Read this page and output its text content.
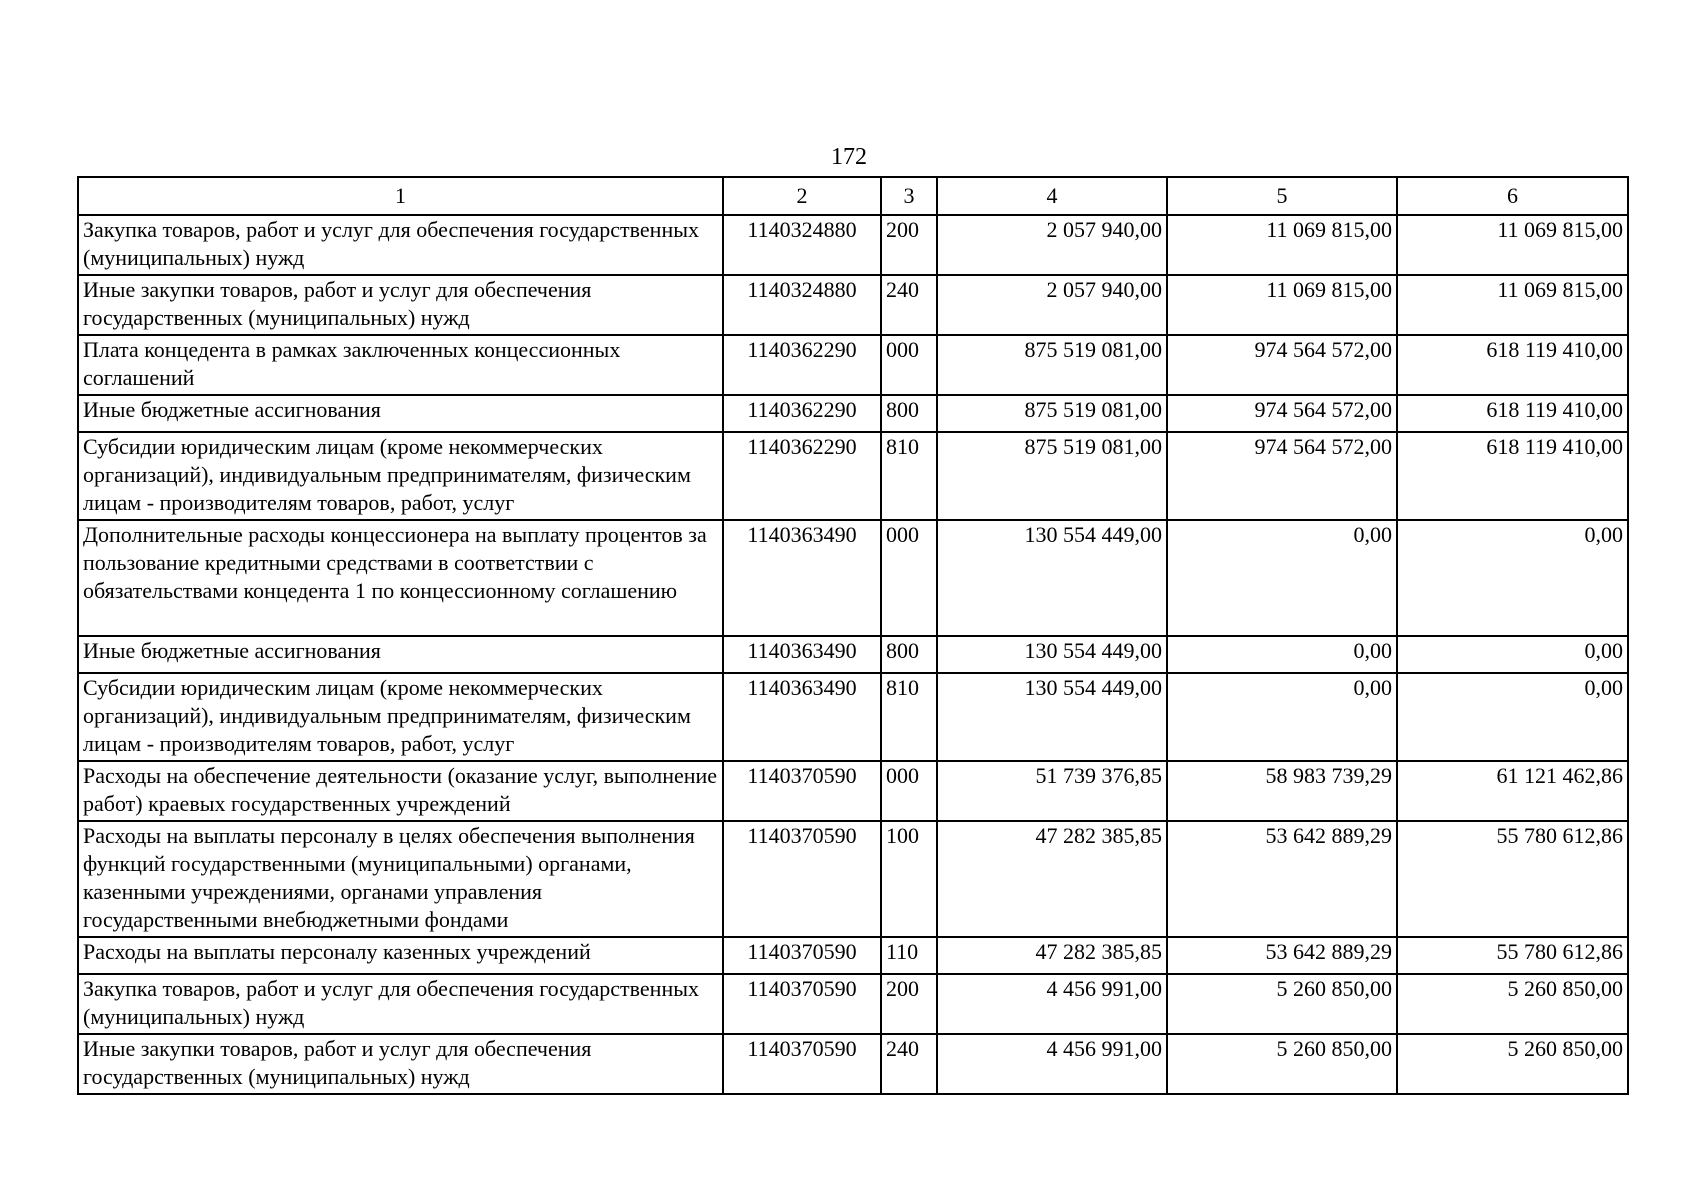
172
1	2	3	4	5	6
Закупка товаров, работ и услуг для обеспечения государственных (муниципальных) нужд	1140324880	200	2 057 940,00	11 069 815,00	11 069 815,00
Иные закупки товаров, работ и услуг для обеспечения государственных (муниципальных) нужд	1140324880	240	2 057 940,00	11 069 815,00	11 069 815,00
Плата концедента в рамках заключенных концессионных соглашений	1140362290	000	875 519 081,00	974 564 572,00	618 119 410,00
Иные бюджетные ассигнования	1140362290	800	875 519 081,00	974 564 572,00	618 119 410,00
Субсидии юридическим лицам (кроме некоммерческих организаций), индивидуальным предпринимателям, физическим лицам - производителям товаров, работ, услуг	1140362290	810	875 519 081,00	974 564 572,00	618 119 410,00
Дополнительные расходы концессионера на выплату процентов за пользование кредитными средствами в соответствии с обязательствами концедента 1 по концессионному соглашению	1140363490	000	130 554 449,00	0,00	0,00
Иные бюджетные ассигнования	1140363490	800	130 554 449,00	0,00	0,00
Субсидии юридическим лицам (кроме некоммерческих организаций), индивидуальным предпринимателям, физическим лицам - производителям товаров, работ, услуг	1140363490	810	130 554 449,00	0,00	0,00
Расходы на обеспечение деятельности (оказание услуг, выполнение работ) краевых государственных учреждений	1140370590	000	51 739 376,85	58 983 739,29	61 121 462,86
Расходы на выплаты персоналу в целях обеспечения выполнения функций государственными (муниципальными) органами, казенными учреждениями, органами управления государственными внебюджетными фондами	1140370590	100	47 282 385,85	53 642 889,29	55 780 612,86
Расходы на выплаты персоналу казенных учреждений	1140370590	110	47 282 385,85	53 642 889,29	55 780 612,86
Закупка товаров, работ и услуг для обеспечения государственных (муниципальных) нужд	1140370590	200	4 456 991,00	5 260 850,00	5 260 850,00
Иные закупки товаров, работ и услуг для обеспечения государственных (муниципальных) нужд	1140370590	240	4 456 991,00	5 260 850,00	5 260 850,00
